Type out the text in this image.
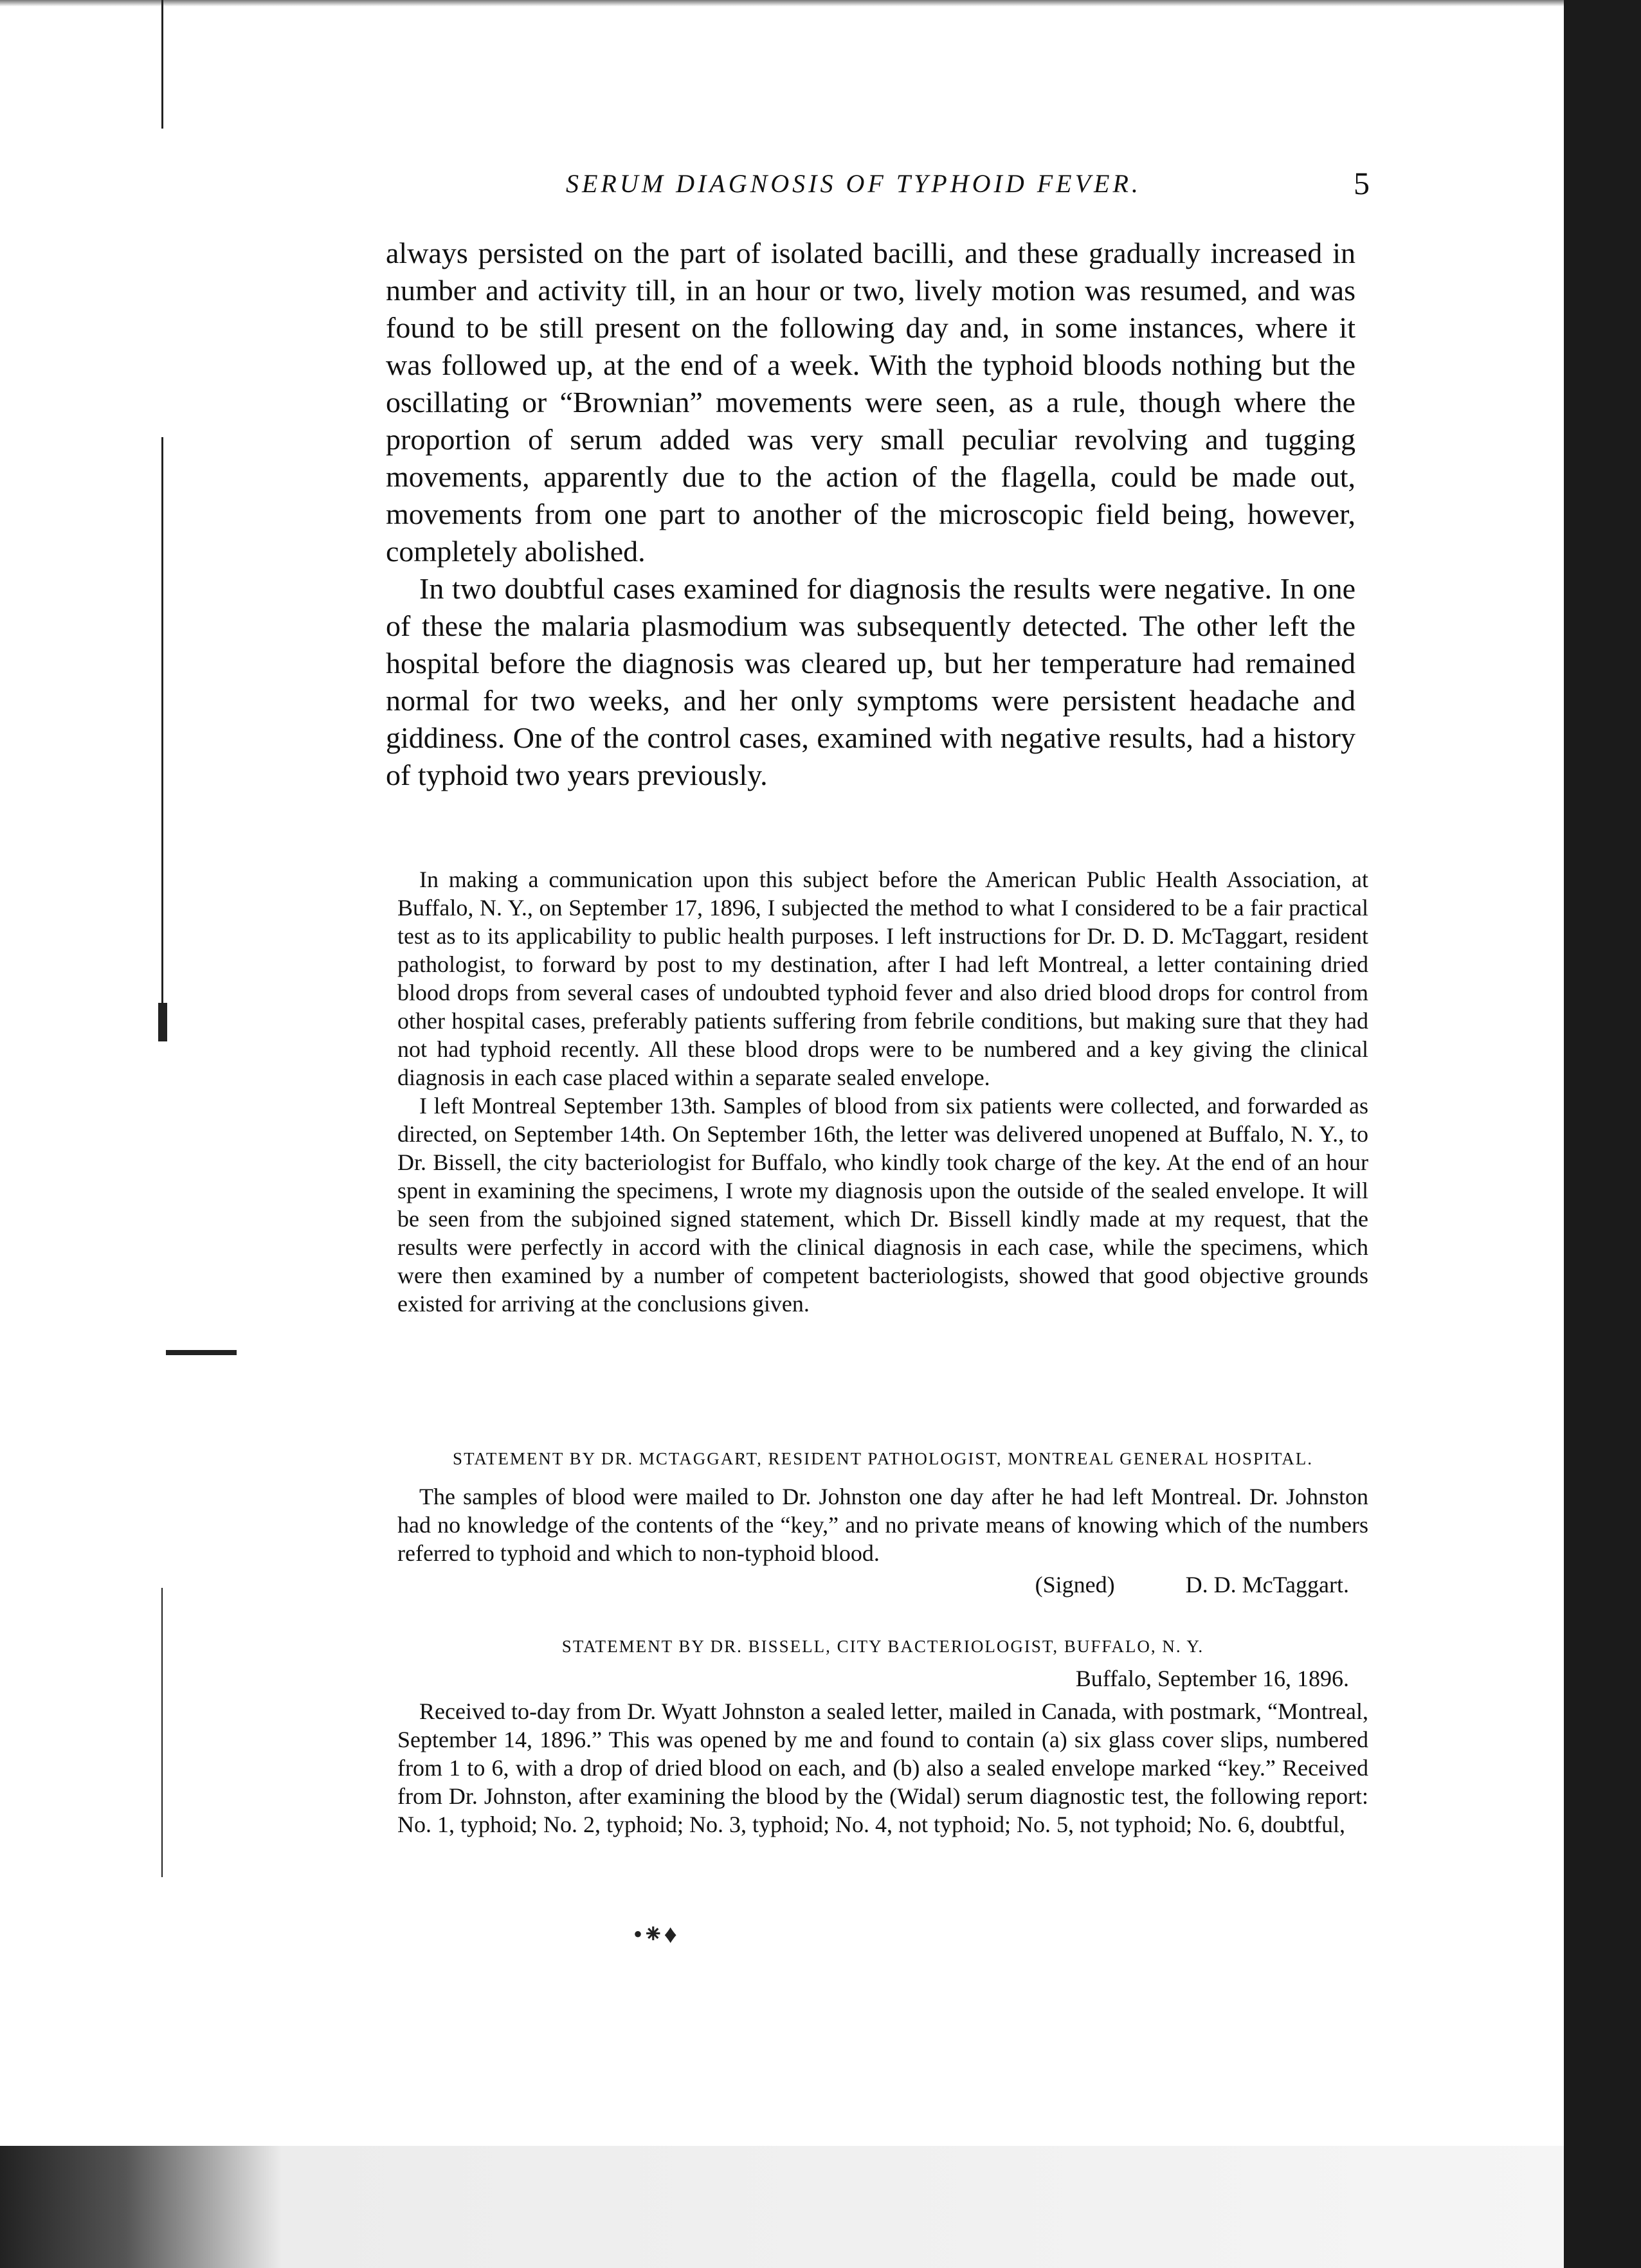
SERUM DIAGNOSIS OF TYPHOID FEVER.	5

always persisted on the part of isolated bacilli, and these gradually increased in number and activity till, in an hour or two, lively motion was resumed, and was found to be still present on the following day and, in some instances, where it was followed up, at the end of a week. With the typhoid bloods nothing but the oscillating or “Brownian” movements were seen, as a rule, though where the proportion of serum added was very small peculiar revolving and tugging movements, apparently due to the action of the flagella, could be made out, movements from one part to another of the microscopic field being, however, completely abolished.

In two doubtful cases examined for diagnosis the results were negative. In one of these the malaria plasmodium was subsequently detected. The other left the hospital before the diagnosis was cleared up, but her temperature had remained normal for two weeks, and her only symptoms were persistent headache and giddiness. One of the control cases, examined with negative results, had a history of typhoid two years previously.

In making a communication upon this subject before the American Public Health Association, at Buffalo, N. Y., on September 17, 1896, I subjected the method to what I considered to be a fair practical test as to its applicability to public health purposes. I left instructions for Dr. D. D. McTaggart, resident pathologist, to forward by post to my destination, after I had left Montreal, a letter containing dried blood drops from several cases of undoubted typhoid fever and also dried blood drops for control from other hospital cases, preferably patients suffering from febrile conditions, but making sure that they had not had typhoid recently. All these blood drops were to be numbered and a key giving the clinical diagnosis in each case placed within a separate sealed envelope.

I left Montreal September 13th. Samples of blood from six patients were collected, and forwarded as directed, on September 14th. On September 16th, the letter was delivered unopened at Buffalo, N. Y., to Dr. Bissell, the city bacteriologist for Buffalo, who kindly took charge of the key. At the end of an hour spent in examining the specimens, I wrote my diagnosis upon the outside of the sealed envelope. It will be seen from the subjoined signed statement, which Dr. Bissell kindly made at my request, that the results were perfectly in accord with the clinical diagnosis in each case, while the specimens, which were then examined by a number of competent bacteriologists, showed that good objective grounds existed for arriving at the conclusions given.

STATEMENT BY DR. MCTAGGART, RESIDENT PATHOLOGIST, MONTREAL GENERAL HOSPITAL.

The samples of blood were mailed to Dr. Johnston one day after he had left Montreal. Dr. Johnston had no knowledge of the contents of the “key,” and no private means of knowing which of the numbers referred to typhoid and which to non-typhoid blood.

(Signed)	D. D. McTaggart.
STATEMENT BY DR. BISSELL, CITY BACTERIOLOGIST, BUFFALO, N. Y.
Buffalo, September 16, 1896.

Received to-day from Dr. Wyatt Johnston a sealed letter, mailed in Canada, with postmark, “Montreal, September 14, 1896.” This was opened by me and found to contain (a) six glass cover slips, numbered from 1 to 6, with a drop of dried blood on each, and (b) also a sealed envelope marked “key.” Received from Dr. Johnston, after examining the blood by the (Widal) serum diagnostic test, the following report: No. 1, typhoid; No. 2, typhoid; No. 3, typhoid; No. 4, not typhoid; No. 5, not typhoid; No. 6, doubtful,

•⁕♦
